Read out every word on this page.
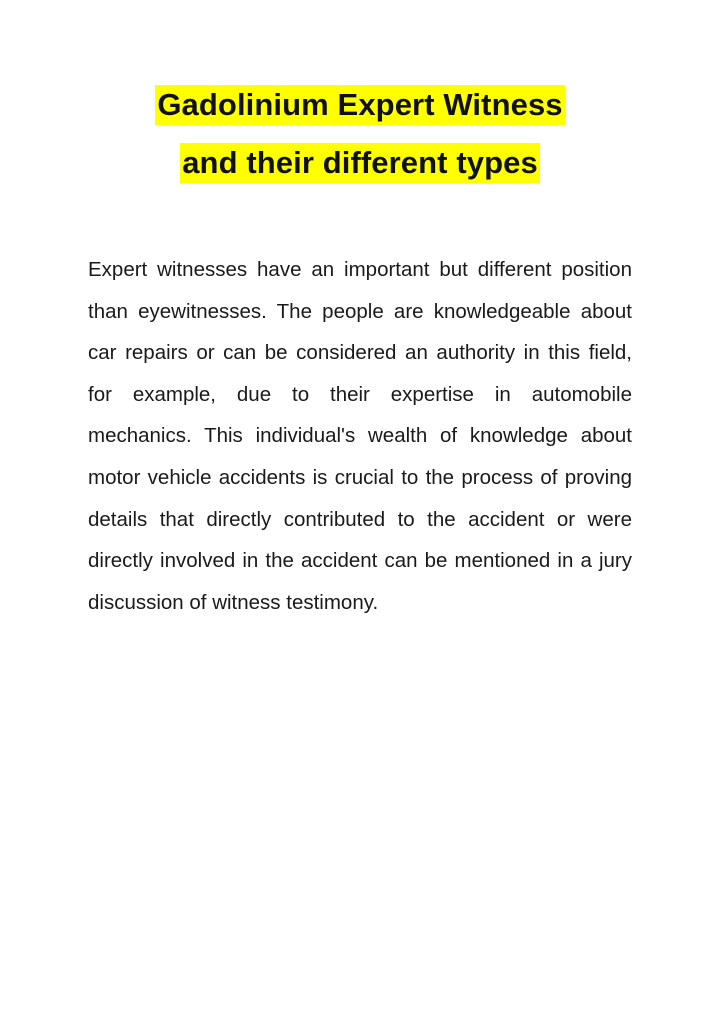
Gadolinium Expert Witness
and their different types

Expert witnesses have an important but different position than eyewitnesses. The people are knowledgeable about car repairs or can be considered an authority in this field, for example, due to their expertise in automobile mechanics. This individual's wealth of knowledge about motor vehicle accidents is crucial to the process of proving details that directly contributed to the accident or were directly involved in the accident can be mentioned in a jury discussion of witness testimony.
